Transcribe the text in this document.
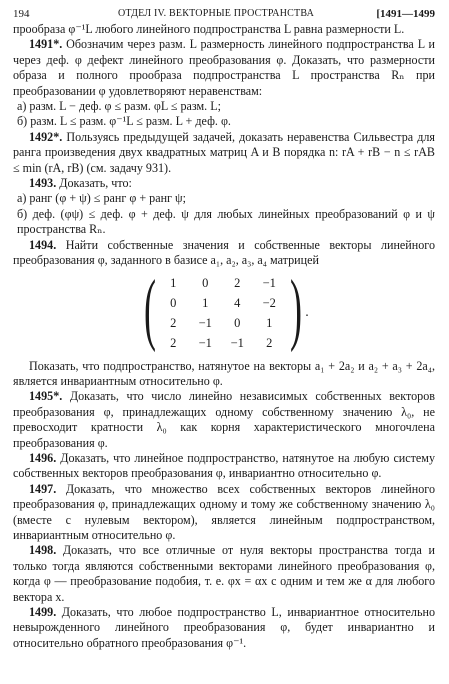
194	ОТДЕЛ IV. ВЕКТОРНЫЕ ПРОСТРАНСТВА	[1491—1499

прообраза φ⁻¹L любого линейного подпространства L равна размерности L.

1491*. Обозначим через разм. L размерность линейного подпространства L и через деф. φ дефект линейного преобразования φ. Доказать, что размерности образа и полного прообраза подпространства L пространства Rₙ при преобразовании φ удовлетворяют неравенствам:

а) разм. L − деф. φ ≤ разм. φL ≤ разм. L;

б) разм. L ≤ разм. φ⁻¹L ≤ разм. L + деф. φ.

1492*. Пользуясь предыдущей задачей, доказать неравенства Сильвестра для ранга произведения двух квадратных матриц A и B порядка n: rA + rB − n ≤ rAB ≤ min (rA, rB) (см. задачу 931).

1493. Доказать, что:

а) ранг (φ + ψ) ≤ ранг φ + ранг ψ;

б) деф. (φψ) ≤ деф. φ + деф. ψ для любых линейных преобразований φ и ψ пространства Rₙ.

1494. Найти собственные значения и собственные векторы линейного преобразования φ, заданного в базисе a₁, a₂, a₃, a₄ матрицей

(	1	0	2	−1
0	1	4	−2
2	−1	0	1
2	−1	−1	2 ) .

Показать, что подпространство, натянутое на векторы a₁ + 2a₂ и a₂ + a₃ + 2a₄, является инвариантным относительно φ.

1495*. Доказать, что число линейно независимых собственных векторов преобразования φ, принадлежащих одному собственному значению λ₀, не превосходит кратности λ₀ как корня характеристического многочлена преобразования φ.

1496. Доказать, что линейное подпространство, натянутое на любую систему собственных векторов преобразования φ, инвариантно относительно φ.

1497. Доказать, что множество всех собственных векторов линейного преобразования φ, принадлежащих одному и тому же собственному значению λ₀ (вместе с нулевым вектором), является линейным подпространством, инвариантным относительно φ.

1498. Доказать, что все отличные от нуля векторы пространства тогда и только тогда являются собственными векторами линейного преобразования φ, когда φ — преобразование подобия, т. е. φx = αx с одним и тем же α для любого вектора x.

1499. Доказать, что любое подпространство L, инвариантное относительно невырожденного линейного преобразования φ, будет инвариантно и относительно обратного преобразования φ⁻¹.
